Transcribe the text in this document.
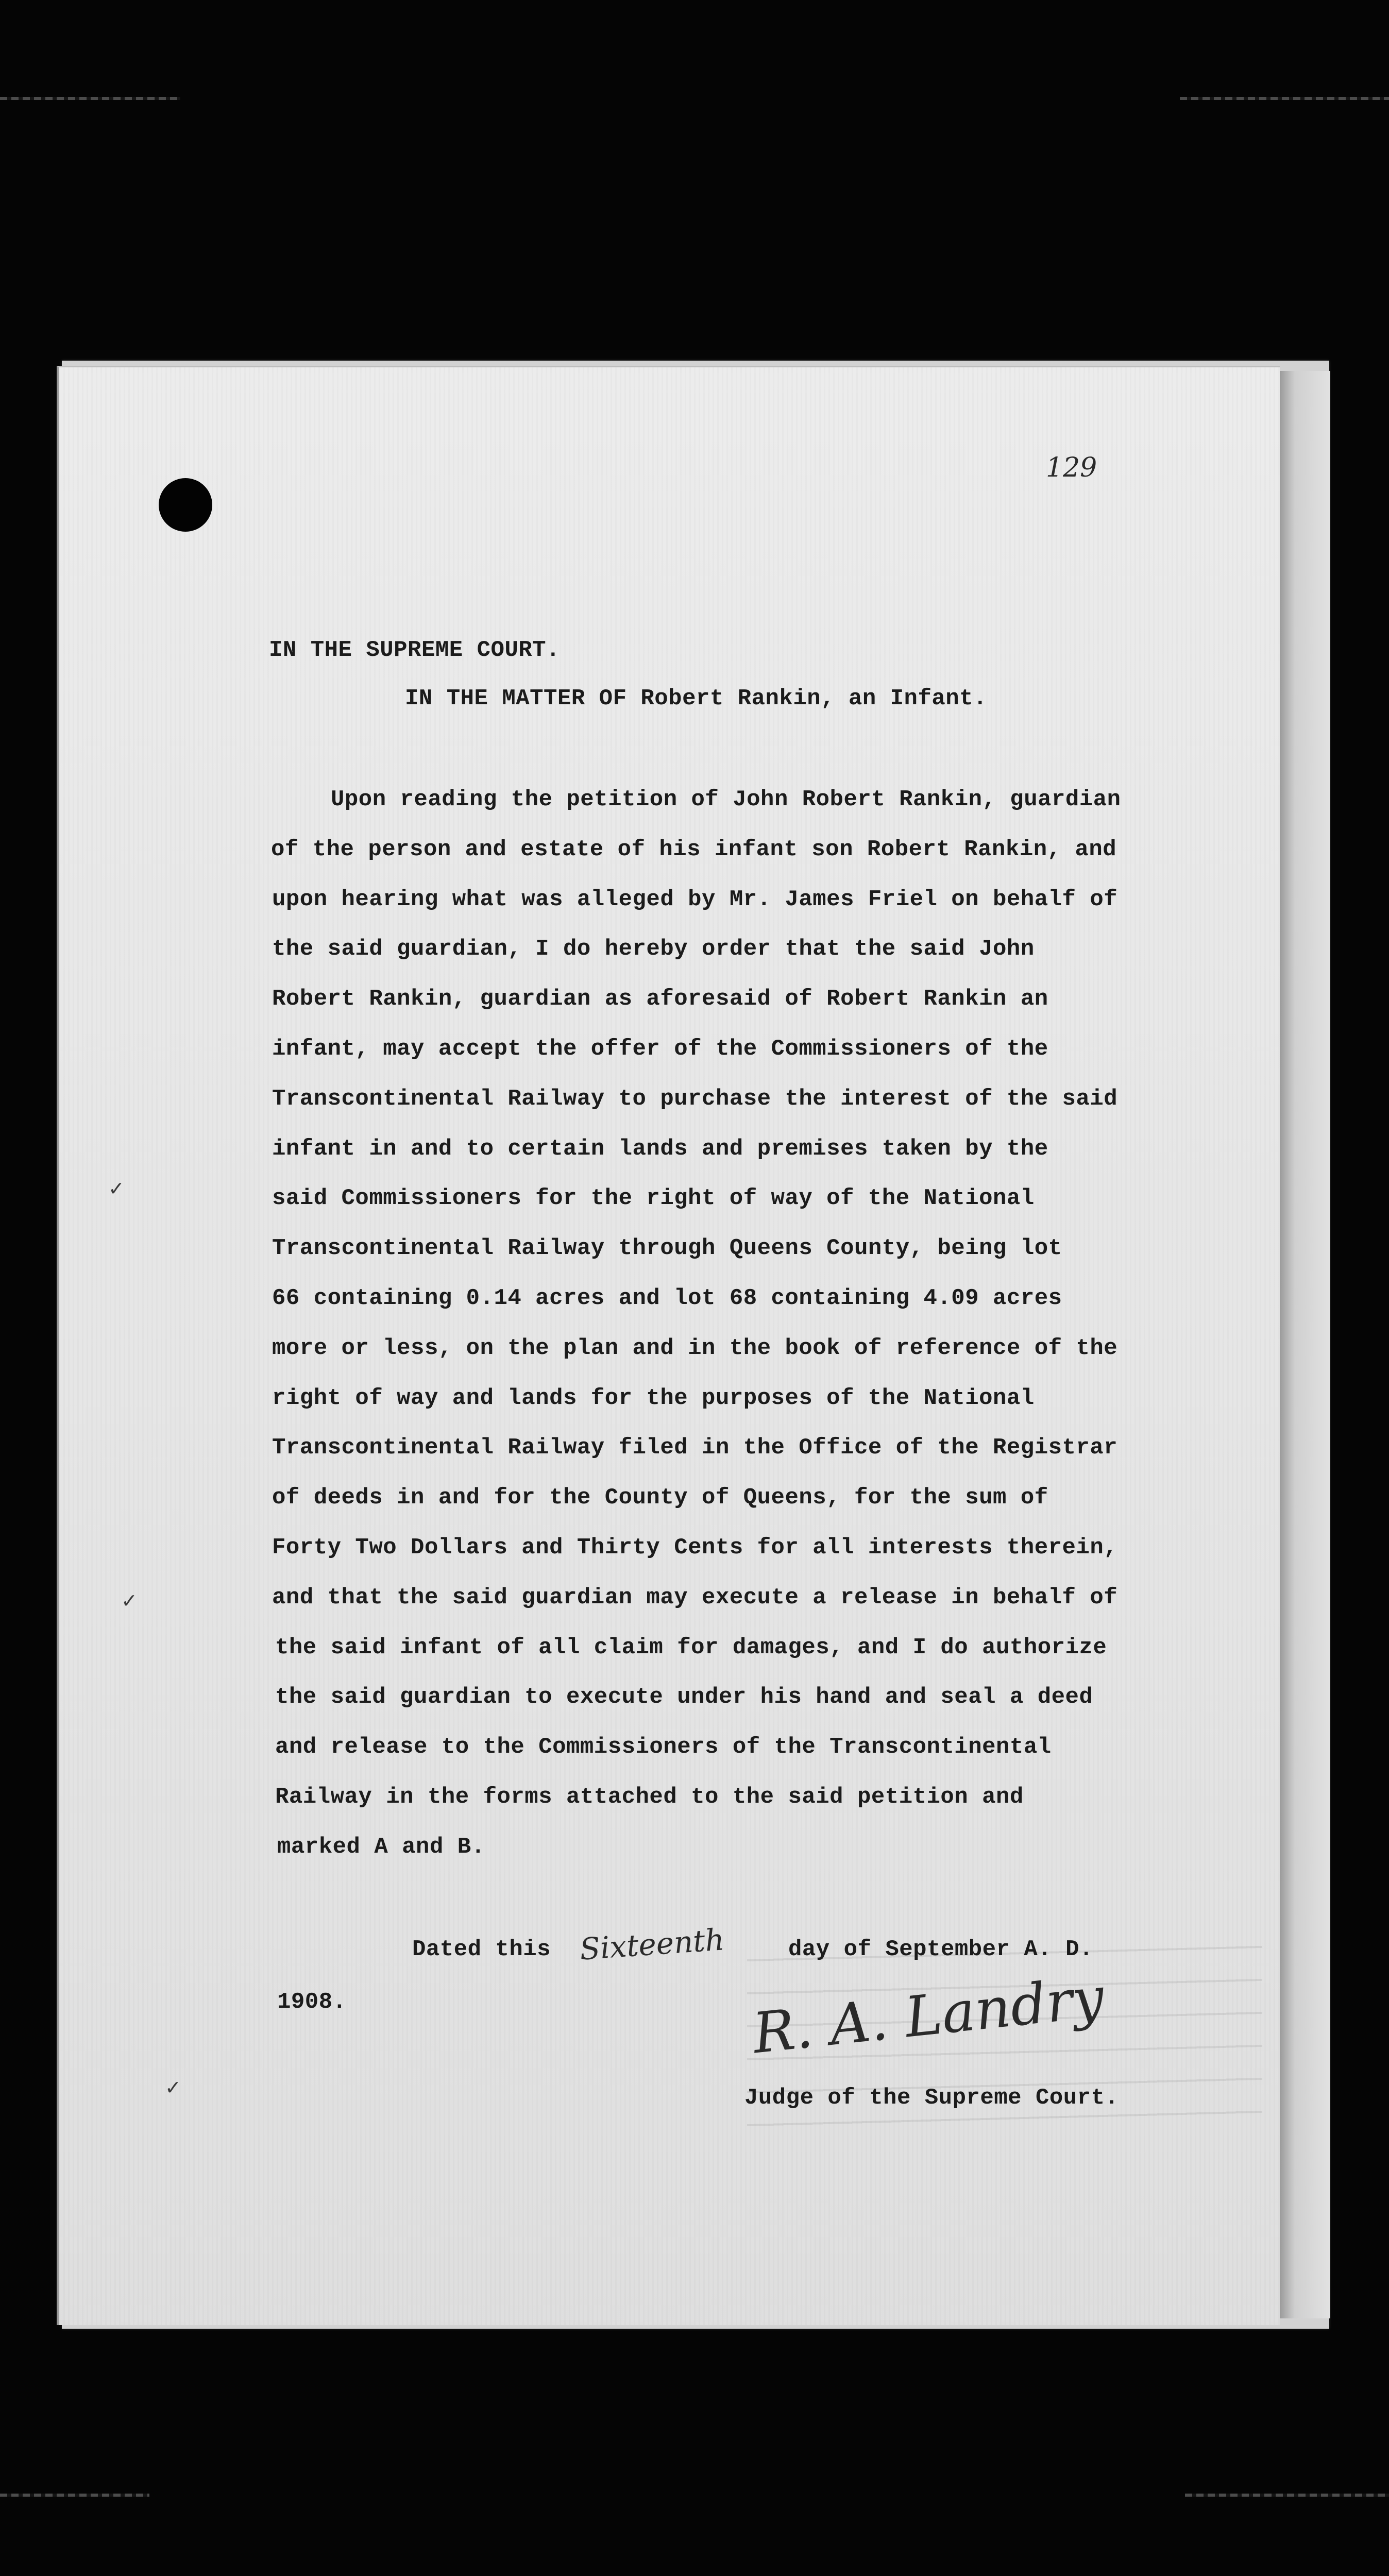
129
IN THE SUPREME COURT.
IN THE MATTER OF Robert Rankin, an Infant.
Upon reading the petition of John Robert Rankin, guardian
of the person and estate of his infant son Robert Rankin, and
upon hearing what was alleged by Mr. James Friel on behalf of
the said guardian, I do hereby order that the said John
Robert Rankin, guardian as aforesaid of Robert Rankin an
infant, may accept the offer of the Commissioners of the
Transcontinental Railway to purchase the interest of the said
infant in and to certain lands and premises taken by the
said Commissioners for the right of way of the National
Transcontinental Railway through Queens County, being lot
66 containing 0.14 acres and lot 68 containing 4.09 acres
more or less, on the plan and in the book of reference of the
right of way and lands for the purposes of the National
Transcontinental Railway filed in the Office of the Registrar
of deeds in and for the County of Queens, for the sum of
Forty Two Dollars and Thirty Cents for all interests therein,
and that the said guardian may execute a release in behalf of
the said infant of all claim for damages, and I do authorize
the said guardian to execute under his hand and seal a deed
and release to the Commissioners of the Transcontinental
Railway in the forms attached to the said petition and
marked A and B.
✓
✓
✓
Dated this Sixteenth	day of September A. D.
1908.	R. A. Landry
Judge of the Supreme Court.
